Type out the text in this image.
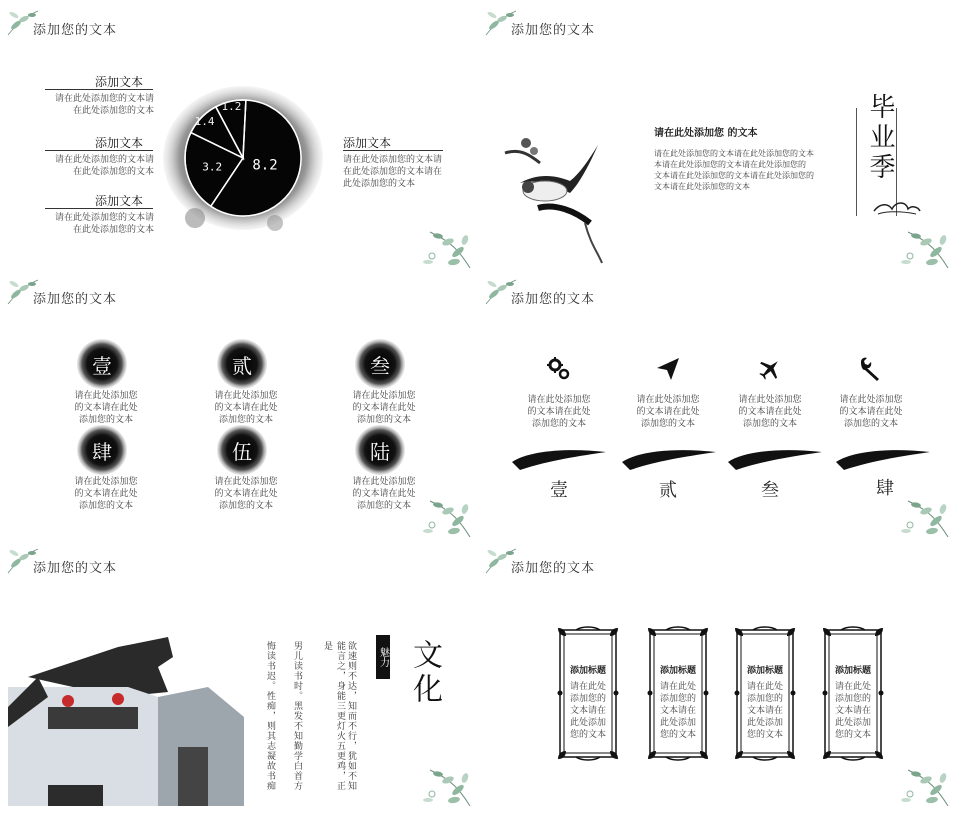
添加您的文本
添加文本
请在此处添加您的文本请
在此处添加您的文本
添加文本
请在此处添加您的文本请
在此处添加您的文本
添加文本
请在此处添加您的文本请
在此处添加您的文本
8.2
3.2
1.4
1.2
添加文本
请在此处添加您的文本请
在此处添加您的文本请在
此处添加您的文本
添加您的文本
请在此处添加您 的文本
请在此处添加您的文本请在此处添加您的文本
本请在此处添加您的文本请在此处添加您的
文本请在此处添加您的文本请在此处添加您的
文本请在此处添加您的文本
毕业季
添加您的文本
壹
请在此处添加您
的文本请在此处
添加您的文本
贰
请在此处添加您
的文本请在此处
添加您的文本
叁
请在此处添加您
的文本请在此处
添加您的文本
肆
请在此处添加您
的文本请在此处
添加您的文本
伍
请在此处添加您
的文本请在此处
添加您的文本
陆
请在此处添加您
的文本请在此处
添加您的文本
添加您的文本
请在此处添加您
的文本请在此处
添加您的文本
壹
请在此处添加您
的文本请在此处
添加您的文本
贰
请在此处添加您
的文本请在此处
添加您的文本
叁
请在此处添加您
的文本请在此处
添加您的文本
肆
添加您的文本
欲速则不达，知而不行，犹如不知
能言之，身能三更灯火五更鸡，正是
男儿读书时。黑发不知勤学白首方
悔读书迟。性痴，则其志凝故书痴	魅力 文化
添加您的文本
添加标题
请在此处
添加您的
文本请在
此处添加
您的文本
添加标题
请在此处
添加您的
文本请在
此处添加
您的文本
添加标题
请在此处
添加您的
文本请在
此处添加
您的文本
添加标题
请在此处
添加您的
文本请在
此处添加
您的文本
